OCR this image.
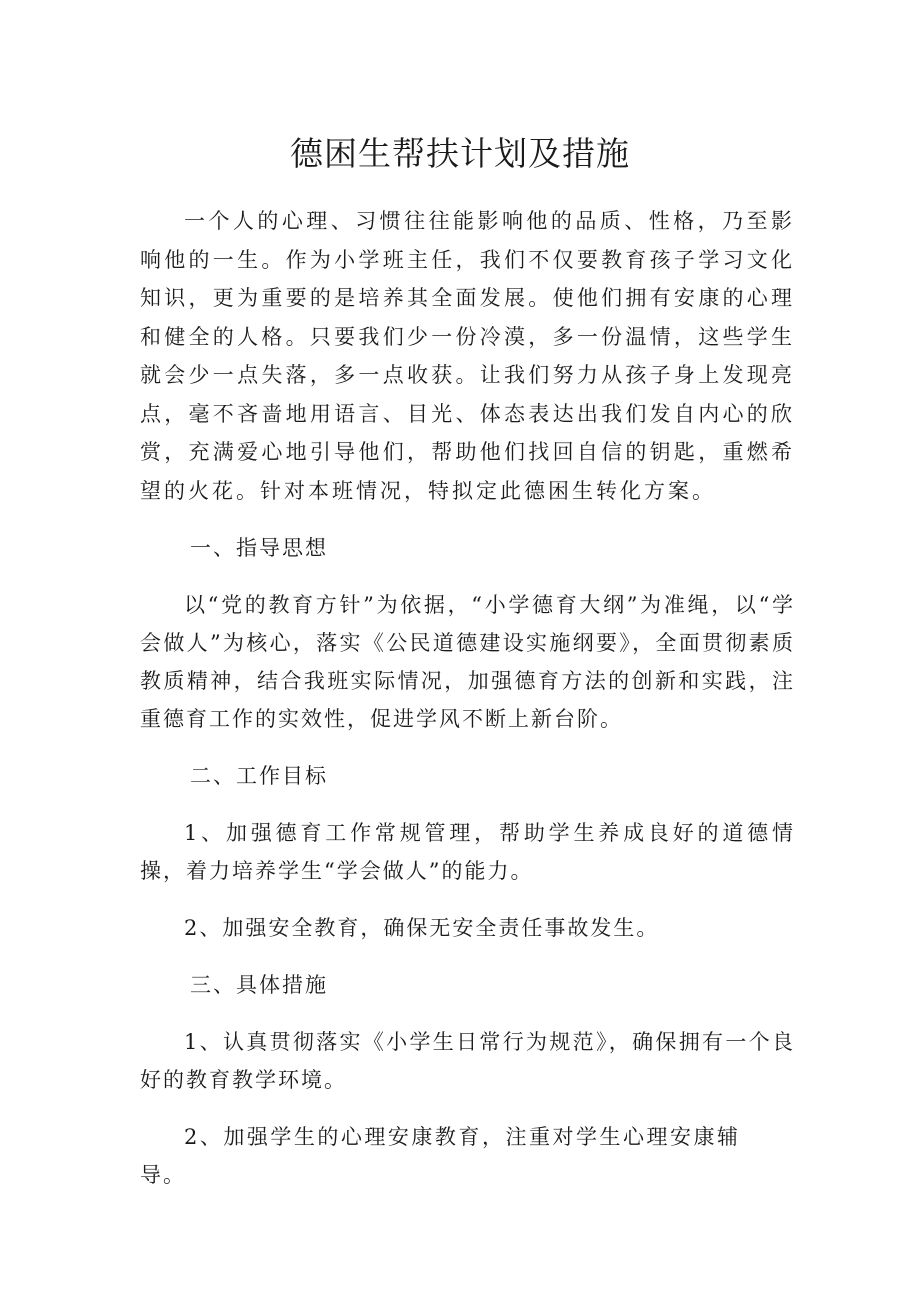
德困生帮扶计划及措施

一个人的心理、习惯往往能影响他的品质、性格，乃至影响他的一生。作为小学班主任，我们不仅要教育孩子学习文化知识，更为重要的是培养其全面发展。使他们拥有安康的心理和健全的人格。只要我们少一份冷漠，多一份温情，这些学生就会少一点失落，多一点收获。让我们努力从孩子身上发现亮点，毫不吝啬地用语言、目光、体态表达出我们发自内心的欣赏，充满爱心地引导他们，帮助他们找回自信的钥匙，重燃希望的火花。针对本班情况，特拟定此德困生转化方案。

一、指导思想

以“党的教育方针”为依据，“小学德育大纲”为准绳，以“学会做人”为核心，落实《公民道德建设实施纲要》，全面贯彻素质教质精神，结合我班实际情况，加强德育方法的创新和实践，注重德育工作的实效性，促进学风不断上新台阶。

二、工作目标

1、加强德育工作常规管理，帮助学生养成良好的道德情操，着力培养学生“学会做人”的能力。

2、加强安全教育，确保无安全责任事故发生。

三、具体措施

1、认真贯彻落实《小学生日常行为规范》，确保拥有一个良好的教育教学环境。

2、加强学生的心理安康教育，注重对学生心理安康辅导。
